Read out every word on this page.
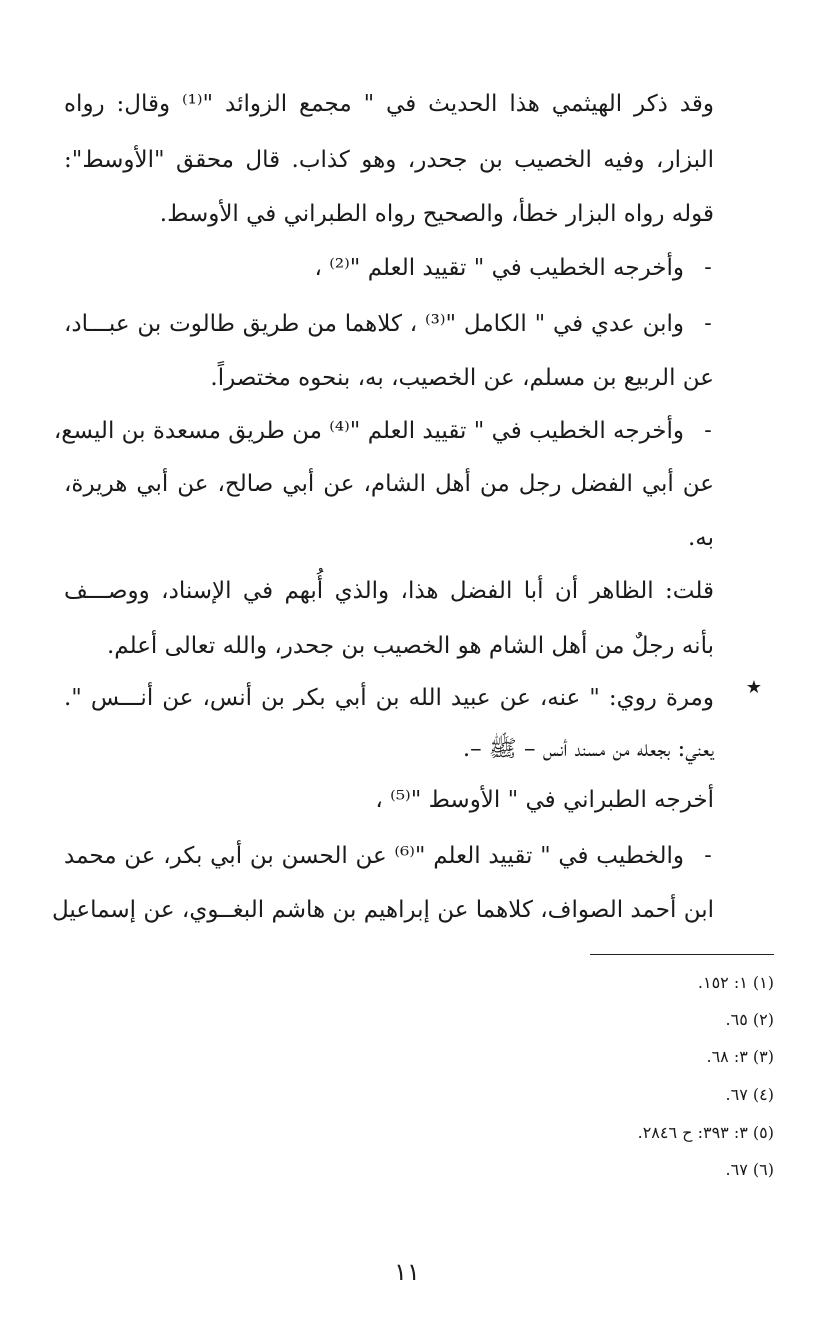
وقد ذكر الهيثمي هذا الحديث في " مجمع الزوائد "⁽¹⁾ وقال: رواه
البزار، وفيه الخصيب بن جحدر، وهو كذاب. قال محقق "الأوسط":
قوله رواه البزار خطأ، والصحيح رواه الطبراني في الأوسط.
-
وأخرجه الخطيب في " تقييد العلم "⁽²⁾ ،
-
وابن عدي في " الكامل "⁽³⁾ ، كلاهما من طريق طالوت بن عبـــاد،
عن الربيع بن مسلم، عن الخصيب، به، بنحوه مختصراً.
-
وأخرجه الخطيب في " تقييد العلم "⁽⁴⁾ من طريق مسعدة بن اليسع،
عن أبي الفضل رجل من أهل الشام، عن أبي صالح، عن أبي هريرة،
به.
قلت: الظاهر أن أبا الفضل هذا، والذي أُبهم في الإسناد، ووصـــف
بأنه رجلٌ من أهل الشام هو الخصيب بن جحدر، والله تعالى أعلم.
★
ومرة روي: " عنه، عن عبيد الله بن أبي بكر بن أنس، عن أنـــس ".
يعني: بجعله من مسند أنس – ﷺ –.
أخرجه الطبراني في " الأوسط "⁽⁵⁾ ،
-
والخطيب في " تقييد العلم "⁽⁶⁾ عن الحسن بن أبي بكر، عن محمد
ابن أحمد الصواف، كلاهما عن إبراهيم بن هاشم البغــوي، عن إسماعيل
(١) ١: ١٥٢.
(٢) ٦٥.
(٣) ٣: ٦٨.
(٤) ٦٧.
(٥) ٣: ٣٩٣: ح ٢٨٤٦.
(٦) ٦٧.
١١
